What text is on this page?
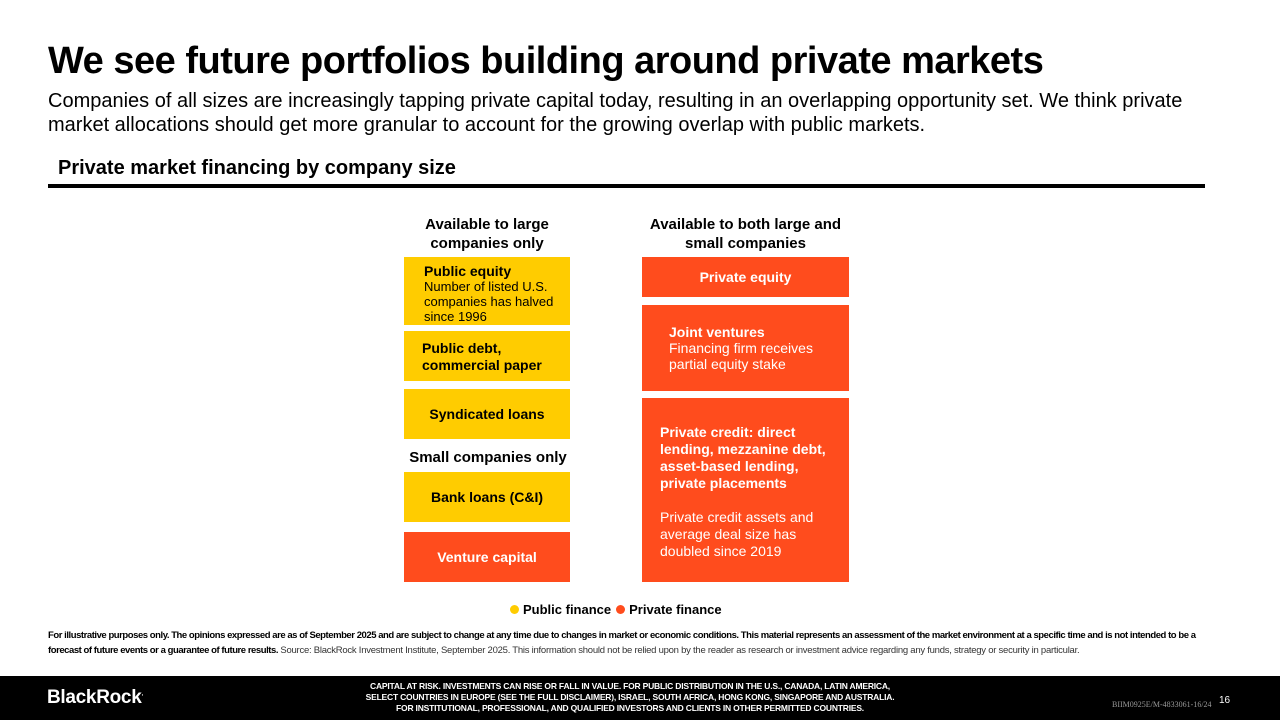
We see future portfolios building around private markets
Companies of all sizes are increasingly tapping private capital today, resulting in an overlapping opportunity set. We think private market allocations should get more granular to account for the growing overlap with public markets.
Private market financing by company size
Available to large companies only
Available to both large and small companies
Public equity
Number of listed U.S. companies has halved since 1996
Public debt, commercial paper
Syndicated loans
Small companies only
Bank loans (C&I)
Venture capital
Private equity
Joint ventures
Financing firm receives partial equity stake
Private credit: direct lending, mezzanine debt, asset-based lending, private placements
Private credit assets and average deal size has doubled since 2019
Public finance Private finance
For illustrative purposes only. The opinions expressed are as of September 2025 and are subject to change at any time due to changes in market or economic conditions. This material represents an assessment of the market environment at a specific time and is not intended to be a forecast of future events or a guarantee of future results. Source: BlackRock Investment Institute, September 2025. This information should not be relied upon by the reader as research or investment advice regarding any funds, strategy or security in particular.
BlackRock.
CAPITAL AT RISK. INVESTMENTS CAN RISE OR FALL IN VALUE. FOR PUBLIC DISTRIBUTION IN THE U.S., CANADA, LATIN AMERICA,
SELECT COUNTRIES IN EUROPE (SEE THE FULL DISCLAIMER), ISRAEL, SOUTH AFRICA, HONG KONG, SINGAPORE AND AUSTRALIA.
FOR INSTITUTIONAL, PROFESSIONAL, AND QUALIFIED INVESTORS AND CLIENTS IN OTHER PERMITTED COUNTRIES.	BIIM0925E/M-4833061-16/24 16
